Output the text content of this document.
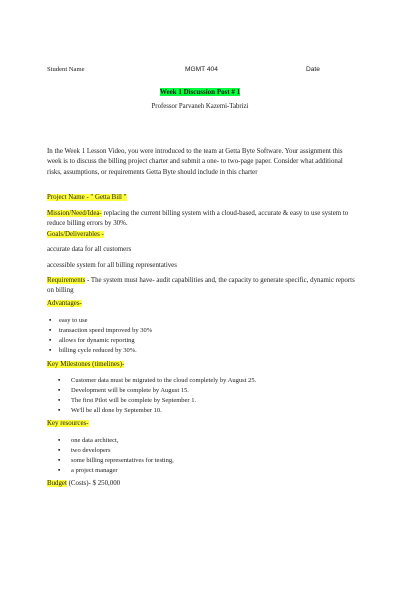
Student Name	MGMT 404	Date
Week 1 Discussion Post # 1
Professor Parvaneh Kazemi-Tabrizi
In the Week 1 Lesson Video, you were introduced to the team at Getta Byte Software. Your assignment this week is to discuss the billing project charter and submit a one- to two-page paper. Consider what additional risks, assumptions, or requirements Getta Byte should include in this charter
Project Name - " Getta Bill "
Mission/Need/Idea- replacing the current billing system with a cloud-based, accurate & easy to use system to reduce billing errors by 30%.
Goals/Deliverables -
accurate data for all customers
accessible system for all billing representatives
Requirements - The system must have- audit capabilities and, the capacity to generate specific, dynamic reports on billing
Advantages-
▪ easy to use
▪ transaction speed improved by 30%
▪ allows for dynamic reporting
▪ billing cycle reduced by 30%.
Key Milestones (timelines)-
▪ Customer data must be migrated to the cloud completely by August 25.
▪ Development will be complete by August 15.
▪ The first Pilot will be complete by September 1.
▪ We'll be all done by September 10.
Key resources-
▪ one data architect,
▪ two developers
▪ some billing representatives for testing,
▪ a project manager
Budget (Costs)- $ 250,000
